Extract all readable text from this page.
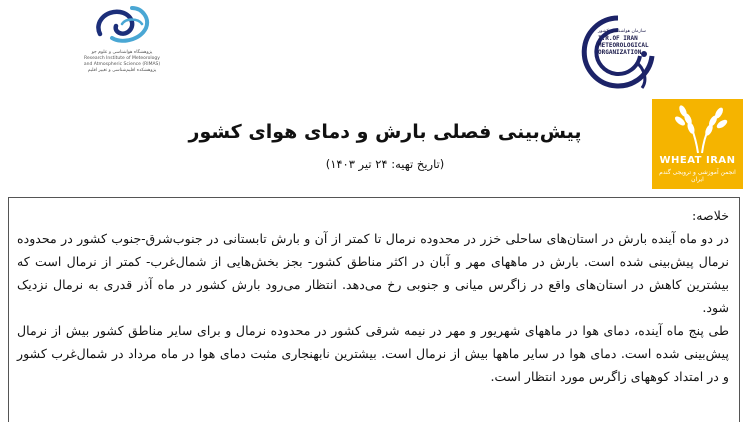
پژوهشگاه هواشناسی و علوم جو
Research Institute of Meteorology and Atmospheric Science (RIMAS)
پژوهشکده اقلیم‌شناسی و تغییر اقلیم
سازمان هواشناسی کشور
I.R.OF IRAN
METEOROLOGICAL
ORGANIZATION
WHEAT IRAN
انجمن آموزشی و ترویجی گندم ایران
پیش‌بینی فصلی بارش و دمای هوای کشور
(تاریخ تهیه: ۲۴ تیر ۱۴۰۳)

خلاصه:

در دو ماه آینده بارش در استان‌های ساحلی خزر در محدوده نرمال تا کمتر از آن و بارش تابستانی در جنوب‌شرق-جنوب کشور در محدوده نرمال پیش‌بینی شده است. بارش در ماههای مهر و آبان در اکثر مناطق کشور- بجز بخش‌هایی از شمال‌غرب- کمتر از نرمال است که بیشترین کاهش در استان‌های واقع در زاگرس میانی و جنوبی رخ می‌دهد. انتظار می‌رود بارش کشور در ماه آذر قدری به نرمال نزدیک شود.

طی پنج ماه آینده، دمای هوا در ماههای شهریور و مهر در نیمه شرقی کشور در محدوده نرمال و برای سایر مناطق کشور بیش از نرمال پیش‌بینی شده است. دمای هوا در سایر ماهها بیش از نرمال است. بیشترین نابهنجاری مثبت دمای هوا در ماه مرداد در شمال‌غرب کشور و در امتداد کوههای زاگرس مورد انتظار است.
